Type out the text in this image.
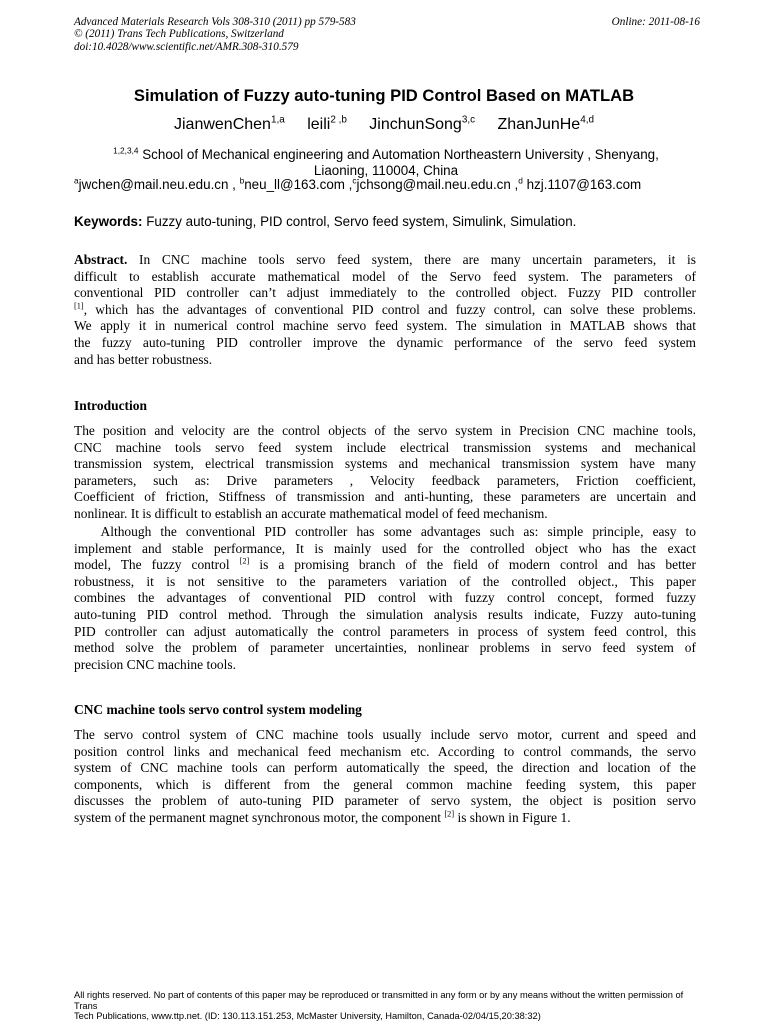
Advanced Materials Research Vols 308-310 (2011) pp 579-583
© (2011) Trans Tech Publications, Switzerland
doi:10.4028/www.scientific.net/AMR.308-310.579
Online: 2011-08-16
Simulation of Fuzzy auto-tuning PID Control Based on MATLAB
JianwenChen$^{1,a}$ leili$^{2 ,b}$ JinchunSong$^{3,c}$ ZhanJunHe$^{4,d}$
$^{1,2,3,4}$ School of Mechanical engineering and Automation Northeastern University , Shenyang,
Liaoning, 110004, China
$^a$jwchen@mail.neu.edu.cn , $^b$neu_ll@163.com ,$^c$jchsong@mail.neu.edu.cn ,$^d$ hzj.1107@163.com
Keywords: Fuzzy auto-tuning, PID control, Servo feed system, Simulink, Simulation.
Abstract. In CNC machine tools servo feed system, there are many uncertain parameters, it is
difficult to establish accurate mathematical model of the Servo feed system. The parameters of
conventional PID controller can’t adjust immediately to the controlled object. Fuzzy PID controller
[1], which has the advantages of conventional PID control and fuzzy control, can solve these problems.
We apply it in numerical control machine servo feed system. The simulation in MATLAB shows that
the fuzzy auto-tuning PID controller improve the dynamic performance of the servo feed system
and has better robustness.
Introduction
The position and velocity are the control objects of the servo system in Precision CNC machine tools,
CNC machine tools servo feed system include electrical transmission systems and mechanical
transmission system, electrical transmission systems and mechanical transmission system have many
parameters, such as: Drive parameters , Velocity feedback parameters, Friction coefficient,
Coefficient of friction, Stiffness of transmission and anti-hunting, these parameters are uncertain and
nonlinear. It is difficult to establish an accurate mathematical model of feed mechanism.
Although the conventional PID controller has some advantages such as: simple principle, easy to
implement and stable performance, It is mainly used for the controlled object who has the exact
model, The fuzzy control [2] is a promising branch of the field of modern control and has better
robustness, it is not sensitive to the parameters variation of the controlled object., This paper
combines the advantages of conventional PID control with fuzzy control concept, formed fuzzy
auto-tuning PID control method. Through the simulation analysis results indicate, Fuzzy auto-tuning
PID controller can adjust automatically the control parameters in process of system feed control, this
method solve the problem of parameter uncertainties, nonlinear problems in servo feed system of
precision CNC machine tools.
CNC machine tools servo control system modeling
The servo control system of CNC machine tools usually include servo motor, current and speed and
position control links and mechanical feed mechanism etc. According to control commands, the servo
system of CNC machine tools can perform automatically the speed, the direction and location of the
components, which is different from the general common machine feeding system, this paper
discusses the problem of auto-tuning PID parameter of servo system, the object is position servo
system of the permanent magnet synchronous motor, the component [2] is shown in Figure 1.
All rights reserved. No part of contents of this paper may be reproduced or transmitted in any form or by any means without the written permission of Trans
Tech Publications, www.ttp.net. (ID: 130.113.151.253, McMaster University, Hamilton, Canada-02/04/15,20:38:32)
